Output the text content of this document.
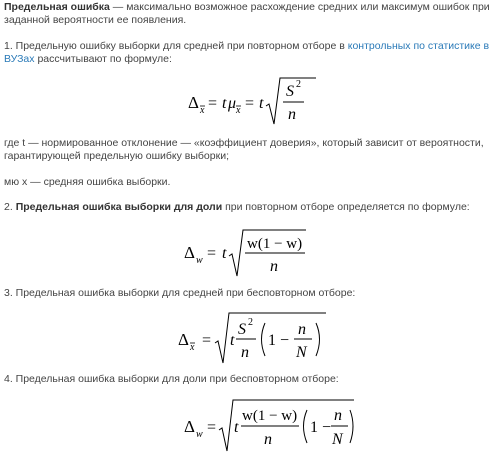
Предельная ошибка — максимально возможное расхождение средних или максимум ошибок при заданной вероятности ее появления.

1. Предельную ошибку выборки для средней при повторном отборе в контрольных по статистике в ВУЗах рассчитывают по формуле:

Δ x = t μ x = t
S 2
n

где t — нормированное отклонение — «коэффициент доверия», который зависит от вероятности, гарантирующей предельную ошибку выборки;

мю х — средняя ошибка выборки.

2. Предельная ошибка выборки для доли при повторном отборе определяется по формуле:

Δ w = t
w(1 − w)
n

3. Предельная ошибка выборки для средней при бесповторном отборе:

Δ x = t
S 2
n
1 −
n
N

4. Предельная ошибка выборки для доли при бесповторном отборе:

Δ w = t
w(1 − w)
n
1 −
n
N
